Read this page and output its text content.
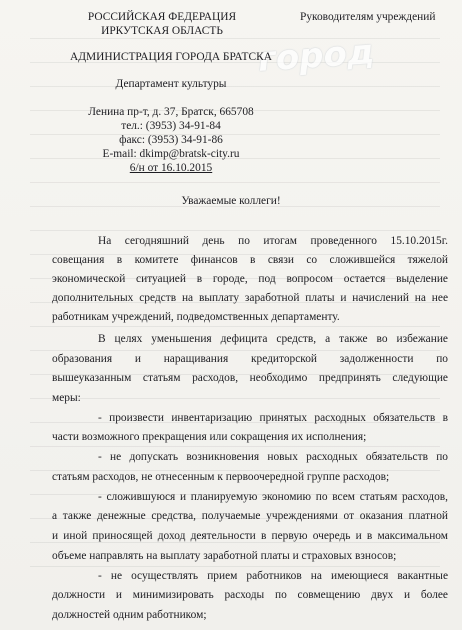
город
РОССИЙСКАЯ ФЕДЕРАЦИЯ	Руководителям учреждений
ИРКУТСКАЯ ОБЛАСТЬ
АДМИНИСТРАЦИЯ ГОРОДА БРАТСКА
Департамент культуры
Ленина пр-т, д. 37, Братск, 665708
тел.: (3953) 34-91-84
факс: (3953) 34-91-86
E-mail: dkimp@bratsk-city.ru
6/н от 16.10.2015
Уважаемые коллеги!
На сегодняшний день по итогам проведенного 15.10.2015г.
совещания в комитете финансов в связи со сложившейся тяжелой
экономической ситуацией в городе, под вопросом остается выделение
дополнительных средств на выплату заработной платы и начислений на нее
работникам учреждений, подведомственных департаменту.
В целях уменьшения дефицита средств, а также во избежание
образования и наращивания кредиторской задолженности по
вышеуказанным статьям расходов, необходимо предпринять следующие
меры:
- произвести инвентаризацию принятых расходных обязательств в
части возможного прекращения или сокращения их исполнения;
- не допускать возникновения новых расходных обязательств по
статьям расходов, не отнесенным к первоочередной группе расходов;
- сложившуюся и планируемую экономию по всем статьям расходов,
а также денежные средства, получаемые учреждениями от оказания платной
и иной приносящей доход деятельности в первую очередь и в максимальном
объеме направлять на выплату заработной платы и страховых взносов;
- не осуществлять прием работников на имеющиеся вакантные
должности и минимизировать расходы по совмещению двух и более
должностей одним работником;
